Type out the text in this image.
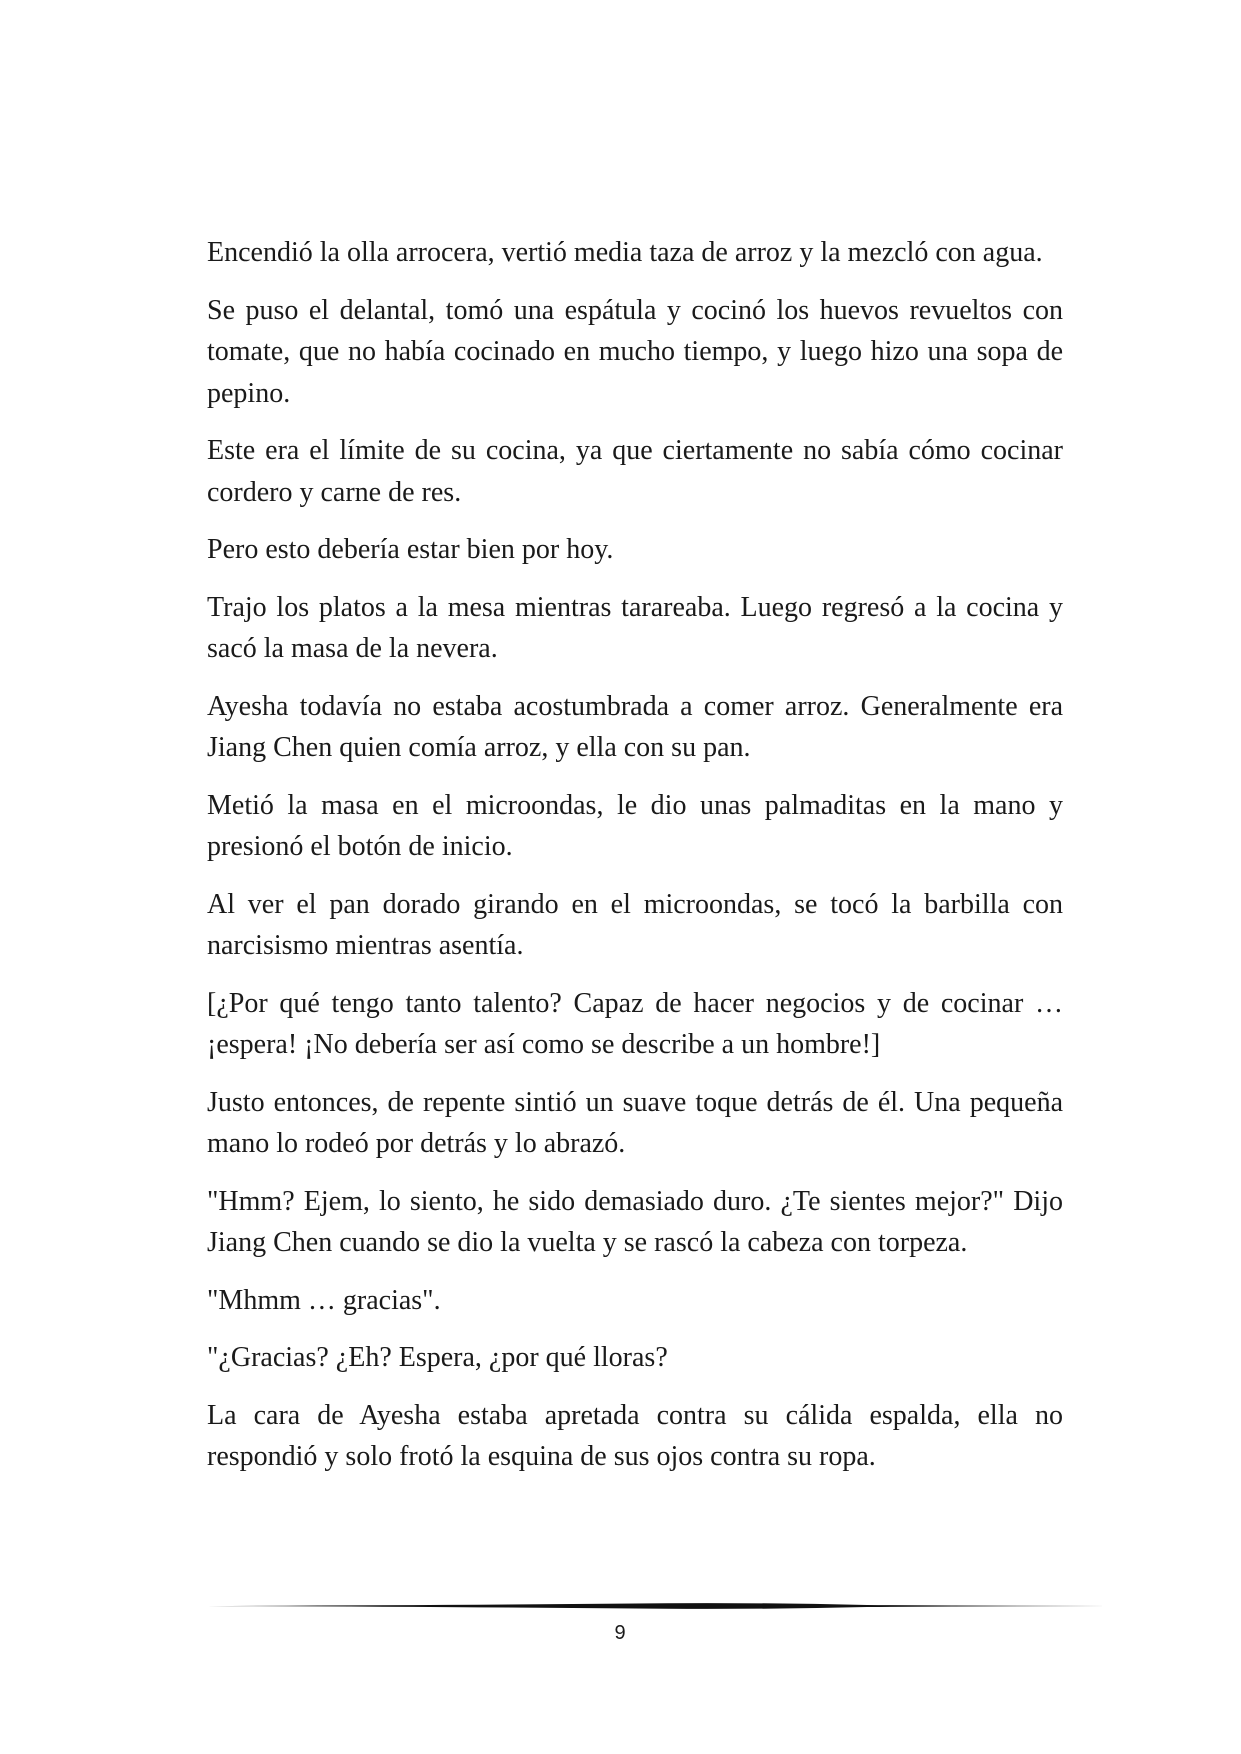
Encendió la olla arrocera, vertió media taza de arroz y la mezcló con agua.

Se puso el delantal, tomó una espátula y cocinó los huevos revueltos con tomate, que no había cocinado en mucho tiempo, y luego hizo una sopa de pepino.

Este era el límite de su cocina, ya que ciertamente no sabía cómo cocinar cordero y carne de res.

Pero esto debería estar bien por hoy.

Trajo los platos a la mesa mientras tarareaba. Luego regresó a la cocina y sacó la masa de la nevera.

Ayesha todavía no estaba acostumbrada a comer arroz. Generalmente era Jiang Chen quien comía arroz, y ella con su pan.

Metió la masa en el microondas, le dio unas palmaditas en la mano y presionó el botón de inicio.

Al ver el pan dorado girando en el microondas, se tocó la barbilla con narcisismo mientras asentía.

[¿Por qué tengo tanto talento? Capaz de hacer negocios y de cocinar … ¡espera! ¡No debería ser así como se describe a un hombre!]

Justo entonces, de repente sintió un suave toque detrás de él. Una pequeña mano lo rodeó por detrás y lo abrazó.

"Hmm? Ejem, lo siento, he sido demasiado duro. ¿Te sientes mejor?" Dijo Jiang Chen cuando se dio la vuelta y se rascó la cabeza con torpeza.

"Mhmm … gracias".

"¿Gracias? ¿Eh? Espera, ¿por qué lloras?

La cara de Ayesha estaba apretada contra su cálida espalda, ella no respondió y solo frotó la esquina de sus ojos contra su ropa.

9
